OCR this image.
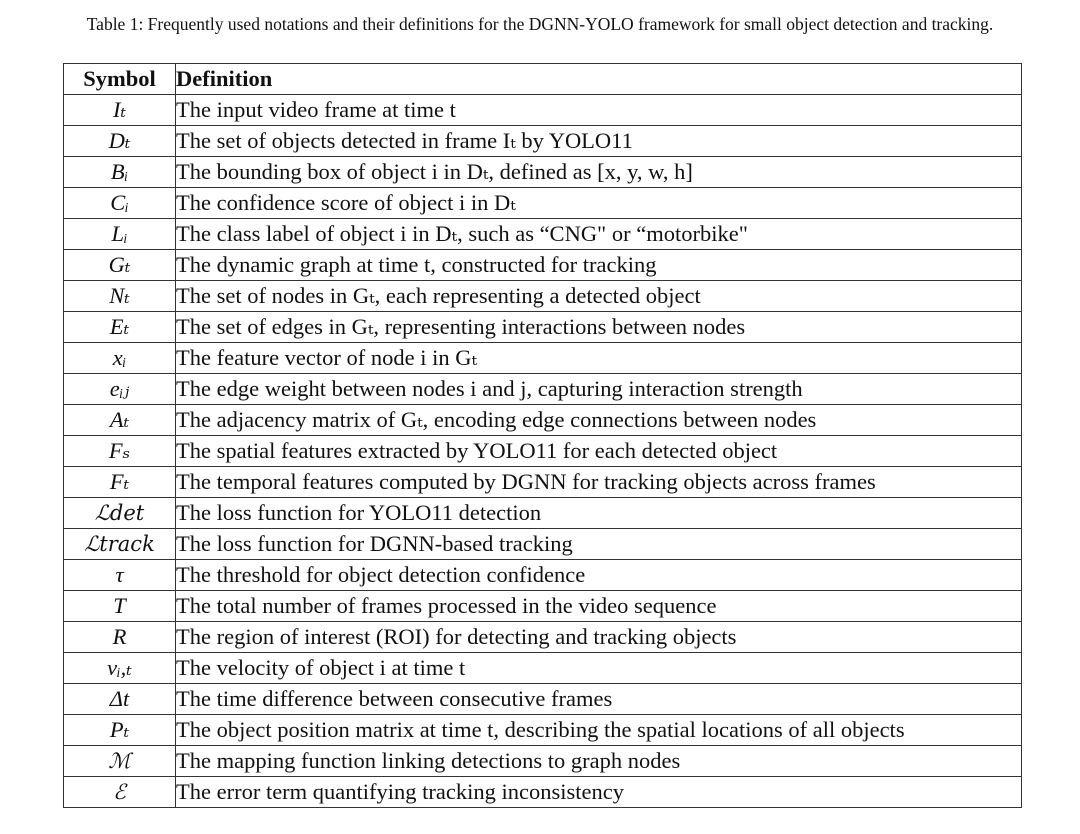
Table 1: Frequently used notations and their definitions for the DGNN-YOLO framework for small object detection and tracking.
Symbol	Definition
Iₜ	The input video frame at time t
Dₜ	The set of objects detected in frame Iₜ by YOLO11
Bᵢ	The bounding box of object i in Dₜ, defined as [x, y, w, h]
Cᵢ	The confidence score of object i in Dₜ
Lᵢ	The class label of object i in Dₜ, such as “CNG" or “motorbike"
Gₜ	The dynamic graph at time t, constructed for tracking
Nₜ	The set of nodes in Gₜ, each representing a detected object
Eₜ	The set of edges in Gₜ, representing interactions between nodes
xᵢ	The feature vector of node i in Gₜ
eᵢⱼ	The edge weight between nodes i and j, capturing interaction strength
Aₜ	The adjacency matrix of Gₜ, encoding edge connections between nodes
Fₛ	The spatial features extracted by YOLO11 for each detected object
Fₜ	The temporal features computed by DGNN for tracking objects across frames
ℒdet	The loss function for YOLO11 detection
ℒtrack	The loss function for DGNN-based tracking
τ	The threshold for object detection confidence
T	The total number of frames processed in the video sequence
R	The region of interest (ROI) for detecting and tracking objects
vᵢ,ₜ	The velocity of object i at time t
Δt	The time difference between consecutive frames
Pₜ	The object position matrix at time t, describing the spatial locations of all objects
ℳ	The mapping function linking detections to graph nodes
ℰ	The error term quantifying tracking inconsistency
